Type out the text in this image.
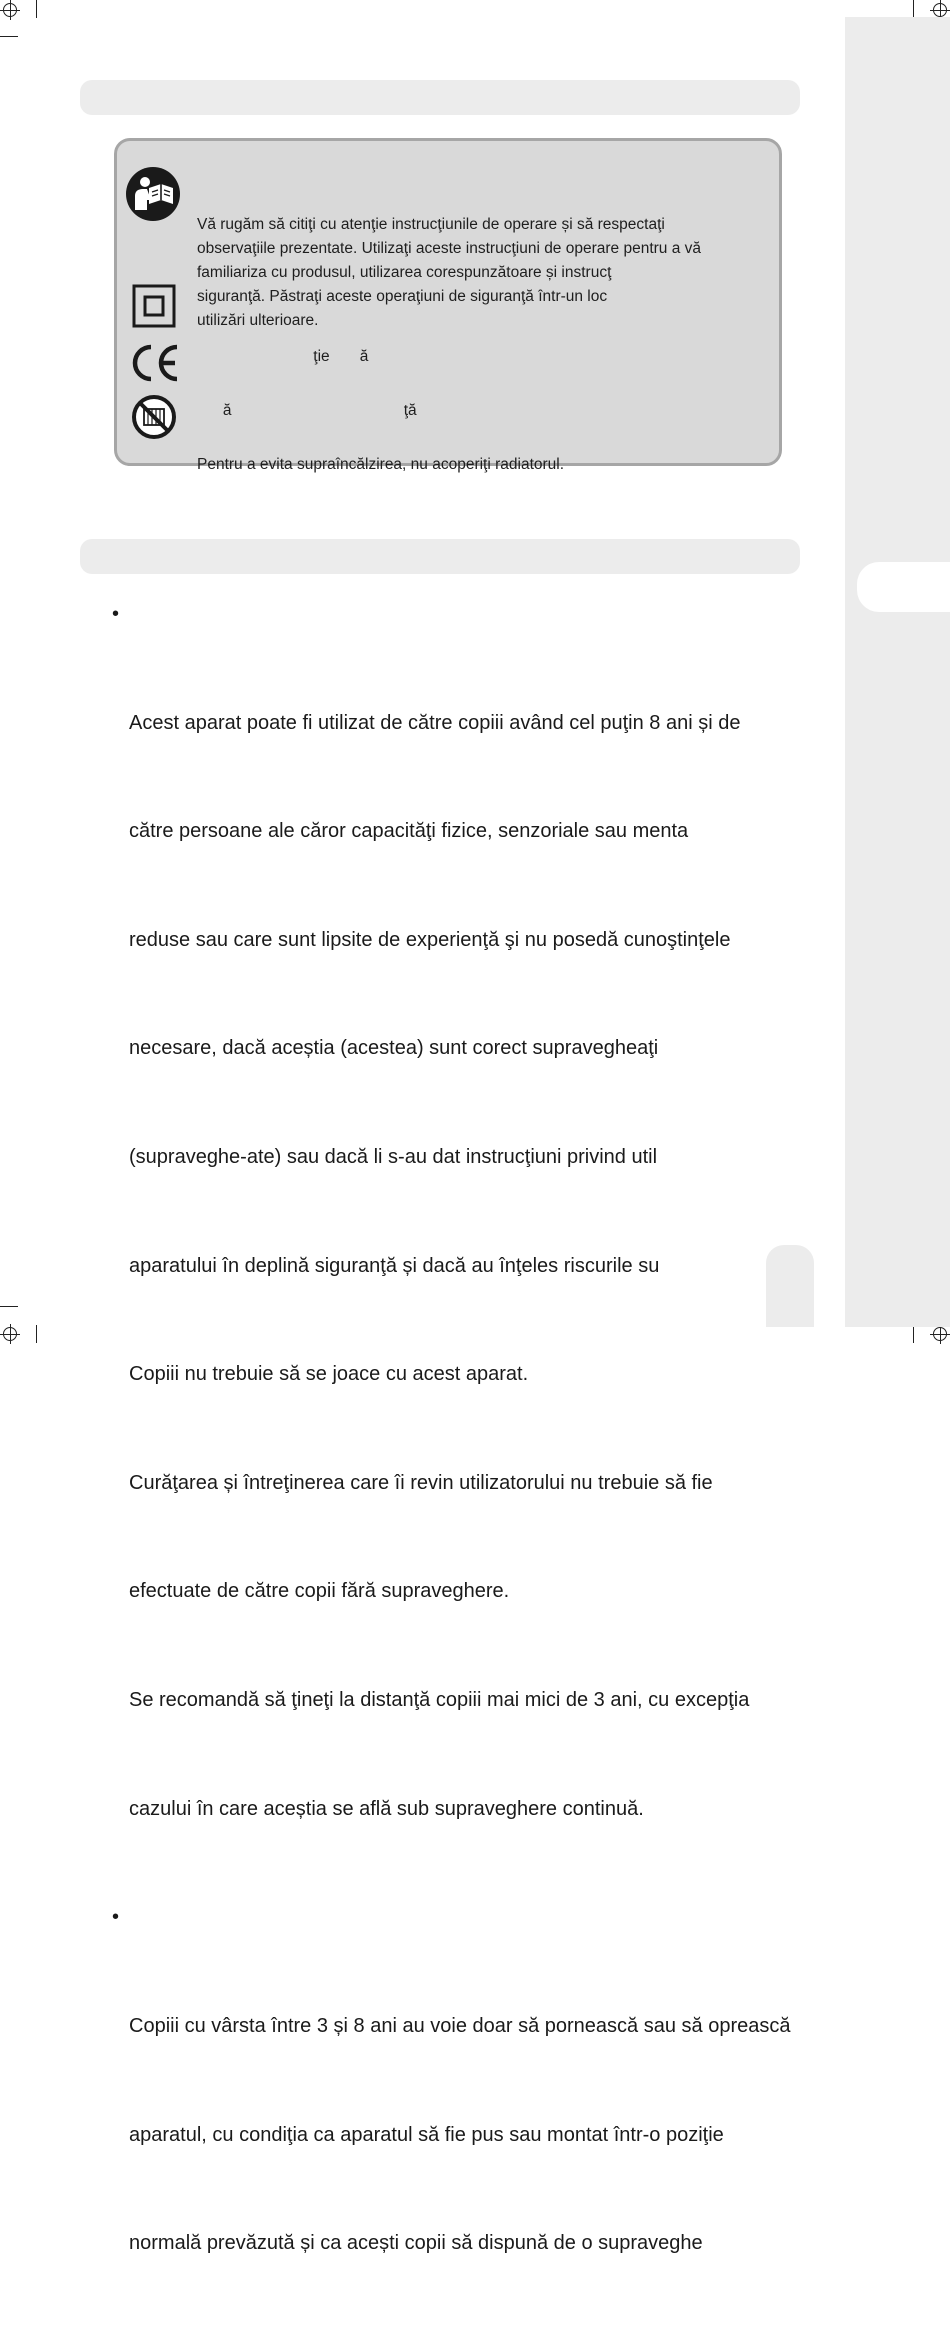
Vă rugăm să citiţi cu atenţie instrucţiunile de operare și să respectaţi
observaţiile prezentate. Utilizaţi aceste instrucţiuni de operare pentru a vă
familiariza cu produsul, utilizarea corespunzătoare și instrucţ
siguranţă. Păstraţi aceste operaţiuni de siguranţă într-un loc
utilizări ulterioare.

ţie       ă

ă                                        ţă

Pentru a evita supraîncălzirea, nu acoperiţi radiatorul.

•

Acest aparat poate fi utilizat de către copiii având cel puţin 8 ani și de

către persoane ale căror capacităţi fizice, senzoriale sau menta

reduse sau care sunt lipsite de experienţă şi nu posedă cunoştinţele

necesare, dacă aceștia (acestea) sunt corect supravegheaţi

(supraveghe-ate) sau dacă li s-au dat instrucţiuni privind util

aparatului în deplină siguranţă și dacă au înţeles riscurile su

Copiii nu trebuie să se joace cu acest aparat.

Curăţarea și întreţinerea care îi revin utilizatorului nu trebuie să fie

efectuate de către copii fără supraveghere.

Se recomandă să ţineţi la distanţă copiii mai mici de 3 ani, cu excepţia

cazului în care aceștia se află sub supraveghere continuă.

•

Copiii cu vârsta între 3 și 8 ani au voie doar să pornească sau să oprească

aparatul, cu condiţia ca aparatul să fie pus sau montat într-o poziţie

normală prevăzută și ca acești copii să dispună de o supraveghe
